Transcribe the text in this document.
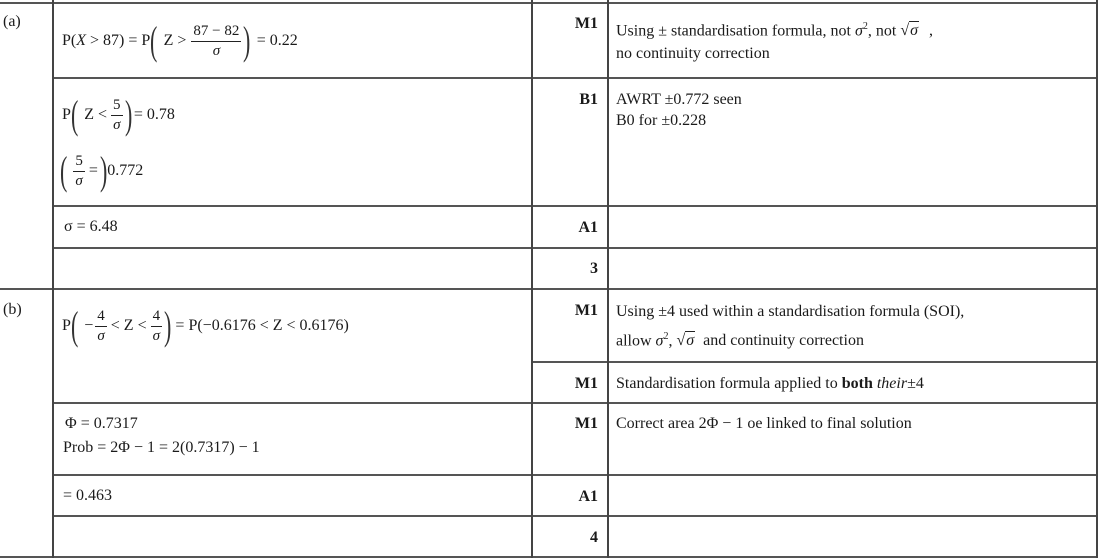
(a)
(b)
P(X > 87) = P ( $Z > \frac{87 - 82}{\sigma}$ ) = 0.22
P ( $Z < \frac{5}{\sigma}$ ) = 0.78
( $\frac{5}{\sigma}$ = ) 0.772
σ = 6.48
M1
B1
A1
3
Using ± standardisation formula, not $\sigma^2$, not √σ ,
no continuity correction
AWRT ±0.772 seen
B0 for ±0.228
P ( − $\frac{4}{\sigma} < Z < \frac{4}{\sigma}$ ) = P(−0.6176 < Z < 0.6176)
Φ = 0.7317
Prob = 2Φ − 1 = 2(0.7317) − 1
= 0.463
M1
M1
M1
A1
4
Using ±4 used within a standardisation formula (SOI),
allow $\sigma^2$, √σ and continuity correction
Standardisation formula applied to both their±4
Correct area 2Φ − 1 oe linked to final solution
